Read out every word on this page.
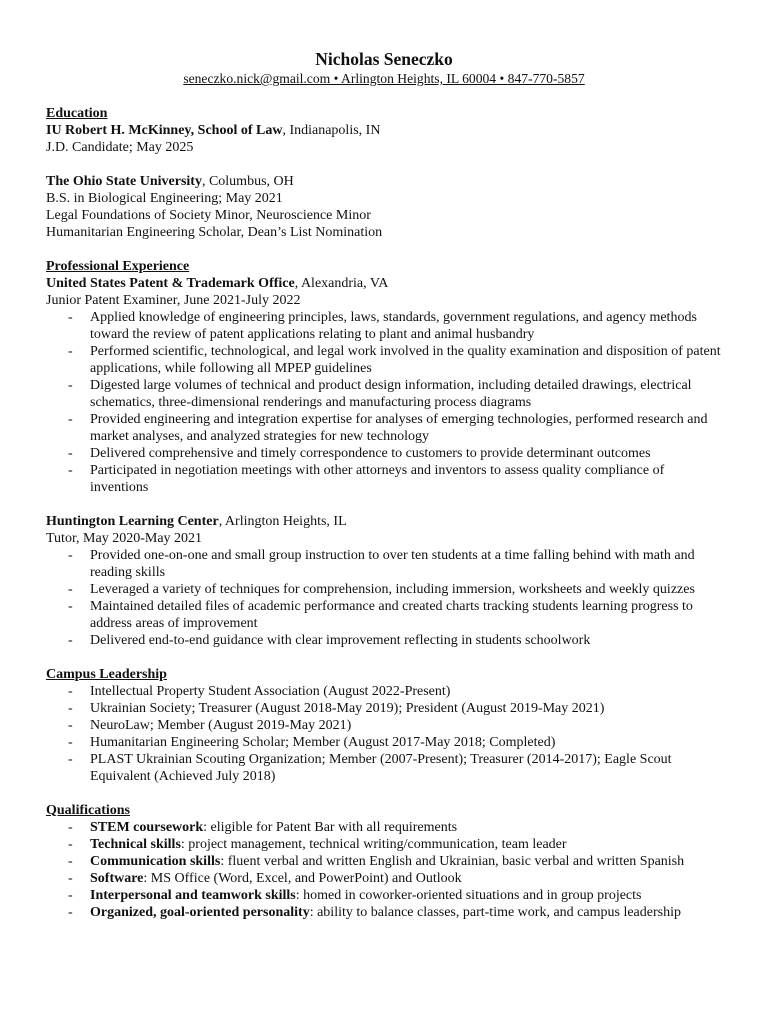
Nicholas Seneczko
seneczko.nick@gmail.com • Arlington Heights, IL 60004 • 847-770-5857
Education
IU Robert H. McKinney, School of Law, Indianapolis, IN
J.D. Candidate; May 2025
The Ohio State University, Columbus, OH
B.S. in Biological Engineering; May 2021
Legal Foundations of Society Minor, Neuroscience Minor
Humanitarian Engineering Scholar, Dean’s List Nomination
Professional Experience
United States Patent & Trademark Office, Alexandria, VA
Junior Patent Examiner, June 2021-July 2022
- Applied knowledge of engineering principles, laws, standards, government regulations, and agency methods toward the review of patent applications relating to plant and animal husbandry
- Performed scientific, technological, and legal work involved in the quality examination and disposition of patent applications, while following all MPEP guidelines
- Digested large volumes of technical and product design information, including detailed drawings, electrical schematics, three-dimensional renderings and manufacturing process diagrams
- Provided engineering and integration expertise for analyses of emerging technologies, performed research and market analyses, and analyzed strategies for new technology
- Delivered comprehensive and timely correspondence to customers to provide determinant outcomes
- Participated in negotiation meetings with other attorneys and inventors to assess quality compliance of inventions
Huntington Learning Center, Arlington Heights, IL
Tutor, May 2020-May 2021
- Provided one-on-one and small group instruction to over ten students at a time falling behind with math and reading skills
- Leveraged a variety of techniques for comprehension, including immersion, worksheets and weekly quizzes
- Maintained detailed files of academic performance and created charts tracking students learning progress to address areas of improvement
- Delivered end-to-end guidance with clear improvement reflecting in students schoolwork
Campus Leadership
- Intellectual Property Student Association (August 2022-Present)
- Ukrainian Society; Treasurer (August 2018-May 2019); President (August 2019-May 2021)
- NeuroLaw; Member (August 2019-May 2021)
- Humanitarian Engineering Scholar; Member (August 2017-May 2018; Completed)
- PLAST Ukrainian Scouting Organization; Member (2007-Present); Treasurer (2014-2017); Eagle Scout Equivalent (Achieved July 2018)
Qualifications
- STEM coursework: eligible for Patent Bar with all requirements
- Technical skills: project management, technical writing/communication, team leader
- Communication skills: fluent verbal and written English and Ukrainian, basic verbal and written Spanish
- Software: MS Office (Word, Excel, and PowerPoint) and Outlook
- Interpersonal and teamwork skills: homed in coworker-oriented situations and in group projects
- Organized, goal-oriented personality: ability to balance classes, part-time work, and campus leadership
